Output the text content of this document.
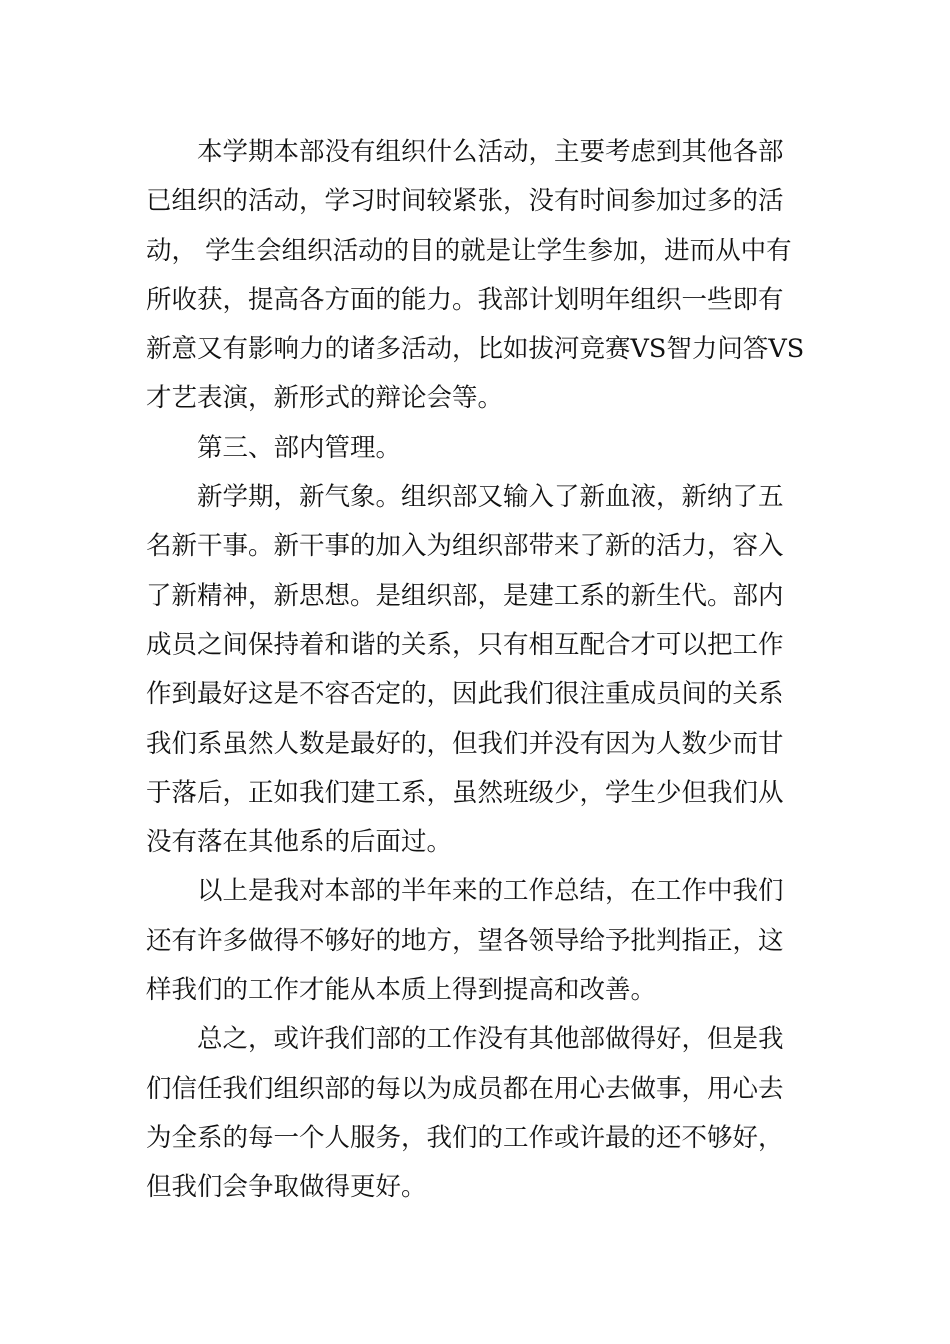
本学期本部没有组织什么活动，主要考虑到其他各部
已组织的活动，学习时间较紧张，没有时间参加过多的活
动， 学生会组织活动的目的就是让学生参加，进而从中有
所收获，提高各方面的能力。我部计划明年组织一些即有
新意又有影响力的诸多活动，比如拔河竞赛VS智力问答VS
才艺表演，新形式的辩论会等。
第三、部内管理。
新学期，新气象。组织部又输入了新血液，新纳了五
名新干事。新干事的加入为组织部带来了新的活力，容入
了新精神，新思想。是组织部，是建工系的新生代。部内
成员之间保持着和谐的关系，只有相互配合才可以把工作
作到最好这是不容否定的，因此我们很注重成员间的关系
我们系虽然人数是最好的，但我们并没有因为人数少而甘
于落后，正如我们建工系，虽然班级少，学生少但我们从
没有落在其他系的后面过。
以上是我对本部的半年来的工作总结，在工作中我们
还有许多做得不够好的地方，望各领导给予批判指正，这
样我们的工作才能从本质上得到提高和改善。
总之，或许我们部的工作没有其他部做得好，但是我
们信任我们组织部的每以为成员都在用心去做事，用心去
为全系的每一个人服务，我们的工作或许最的还不够好，
但我们会争取做得更好。
